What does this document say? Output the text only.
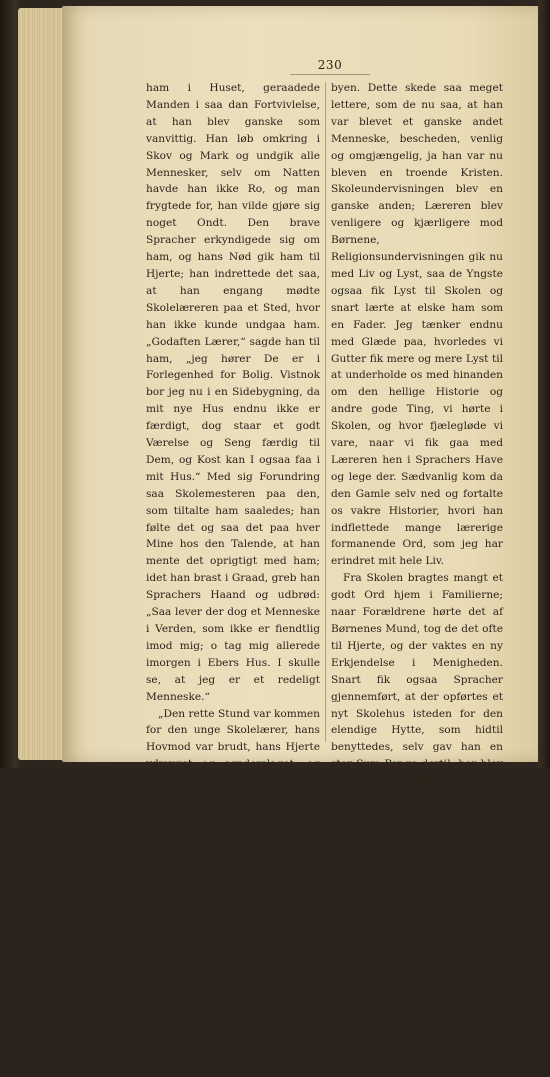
230

ham i Huset, geraadede Manden i saa dan Fortvivlelse, at han blev ganske som vanvittig. Han løb omkring i Skov og Mark og undgik alle Mennesker, selv om Natten havde han ikke Ro, og man frygtede for, han vilde gjøre sig noget Ondt. Den brave Spracher erkyndigede sig om ham, og hans Nød gik ham til Hjerte; han indrettede det saa, at han engang mødte Skolelæreren paa et Sted, hvor han ikke kunde undgaa ham. „Godaften Lærer,“ sagde han til ham, „jeg hører De er i Forlegenhed for Bolig. Vistnok bor jeg nu i en Sidebygning, da mit nye Hus endnu ikke er færdigt, dog staar et godt Værelse og Seng færdig til Dem, og Kost kan I ogsaa faa i mit Hus.“ Med sig Forundring saa Skolemesteren paa den, som tiltalte ham saaledes; han følte det og saa det paa hver Mine hos den Talende, at han mente det oprigtigt med ham; idet han brast i Graad, greb han Sprachers Haand og udbrød: „Saa lever der dog et Menneske i Verden, som ikke er fiendtlig imod mig; o tag mig allerede imorgen i Ebers Hus. I skulle se, at jeg er et redeligt Menneske.“

„Den rette Stund var kommen for den unge Skolelærer, hans Hovmod var brudt, hans Hjerte ydmyget og sønderslaget, og derfor var han nu ogsaa skikket til at høre paa Guds Ord. For at gjøre det kort: ved den daglige Omgang med gamle Spracher blev han et ganske andet Menneske. Han gik i Skole hos sin Husvert og blev snart som et Barn i Huset. Da han tidlig havde mistet sine Forældre og altid været ude blandt Fremmede, var den Kjærlighed, som raadede i Sprachers Hus ham saa velgjørende. Spracher overbeviste sig snart om, at Mistanken var ugrundet, og han hviskede ikke for han fik Sagen opklaret, og Læreren vandt Tillid i Lands-

byen. Dette skede saa meget lettere, som de nu saa, at han var blevet et ganske andet Menneske, bescheden, venlig og omgjængelig, ja han var nu bleven en troende Kristen. Skoleundervisningen blev en ganske anden; Læreren blev venligere og kjærligere mod Børnene, Religionsundervisningen gik nu med Liv og Lyst, saa de Yngste ogsaa fik Lyst til Skolen og snart lærte at elske ham som en Fader. Jeg tænker endnu med Glæde paa, hvorledes vi Gutter fik mere og mere Lyst til at underholde os med hinanden om den hellige Historie og andre gode Ting, vi hørte i Skolen, og hvor fjælegløde vi vare, naar vi fik gaa med Læreren hen i Sprachers Have og lege der. Sædvanlig kom da den Gamle selv ned og fortalte os vakre Historier, hvori han indflettede mange lærerige formanende Ord, som jeg har erindret mit hele Liv.

Fra Skolen bragtes mangt et godt Ord hjem i Familierne; naar Forældrene hørte det af Børnenes Mund, tog de det ofte til Hjerte, og der vaktes en ny Erkjendelse i Menigheden. Snart fik ogsaa Spracher gjennemført, at der opførtes et nyt Skolehus isteden for den elendige Hytte, som hidtil benyttedes, selv gav han en stor Sum Penge dertil; her blev der tillige indrettet en bekvem Bolig for Skolelæreren; senere giftede han sig med en Slægtning af min Moder, og først for nogle faa Aar siden døde han. Hans Minde vil endnu være velsignet blandt alle dem som kjendte ham.

Se, dette er kun Lidt af det, den gode Würtembergerbonde har gjort for Landsbyen, skulde jeg fortælle Alt, vilde neppe Dagen strække til. Jeg kan kun sige, at han ved sin Klogskab, Indsigt og Erfaring i alle Slags Forretninger, ved sin Retskaffenhed og Godgjørenhed inden faa
